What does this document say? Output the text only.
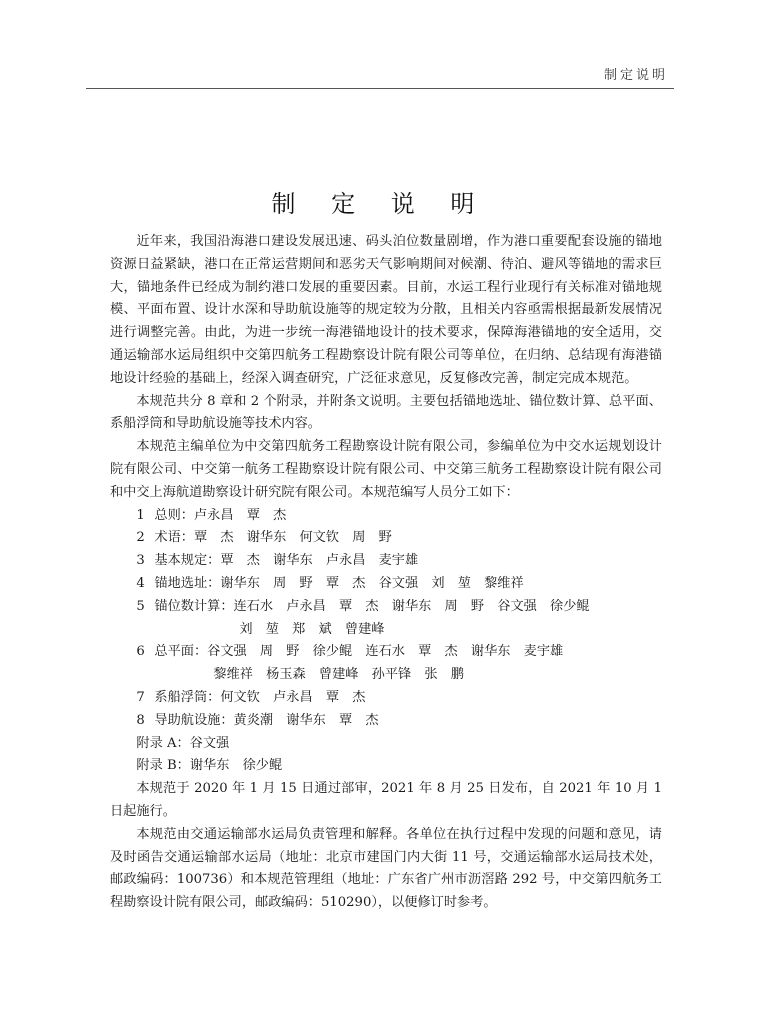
制定说明
制 定 说 明

近年来，我国沿海港口建设发展迅速、码头泊位数量剧增，作为港口重要配套设施的锚地资源日益紧缺，港口在正常运营期间和恶劣天气影响期间对候潮、待泊、避风等锚地的需求巨大，锚地条件已经成为制约港口发展的重要因素。目前，水运工程行业现行有关标准对锚地规模、平面布置、设计水深和导助航设施等的规定较为分散，且相关内容亟需根据最新发展情况进行调整完善。由此，为进一步统一海港锚地设计的技术要求，保障海港锚地的安全适用，交通运输部水运局组织中交第四航务工程勘察设计院有限公司等单位，在归纳、总结现有海港锚地设计经验的基础上，经深入调查研究，广泛征求意见，反复修改完善，制定完成本规范。

本规范共分 8 章和 2 个附录，并附条文说明。主要包括锚地选址、锚位数计算、总平面、系船浮筒和导助航设施等技术内容。

本规范主编单位为中交第四航务工程勘察设计院有限公司，参编单位为中交水运规划设计院有限公司、中交第一航务工程勘察设计院有限公司、中交第三航务工程勘察设计院有限公司和中交上海航道勘察设计研究院有限公司。本规范编写人员分工如下：

1 总则：卢永昌　覃　杰
2 术语：覃　杰　谢华东　何文钦　周　野
3 基本规定：覃　杰　谢华东　卢永昌　麦宇雄
4 锚地选址：谢华东　周　野　覃　杰　谷文强　刘　堃　黎维祥
5 锚位数计算：连石水　卢永昌　覃　杰　谢华东　周　野　谷文强　徐少鲲
刘　堃　郑　斌　曾建峰
6 总平面：谷文强　周　野　徐少鲲　连石水　覃　杰　谢华东　麦宇雄
黎维祥　杨玉森　曾建峰　孙平锋　张　鹏
7 系船浮筒：何文钦　卢永昌　覃　杰
8 导助航设施：黄炎潮　谢华东　覃　杰
附录 A：谷文强
附录 B：谢华东　徐少鲲

本规范于 2020 年 1 月 15 日通过部审，2021 年 8 月 25 日发布，自 2021 年 10 月 1 日起施行。

本规范由交通运输部水运局负责管理和解释。各单位在执行过程中发现的问题和意见，请及时函告交通运输部水运局（地址：北京市建国门内大街 11 号，交通运输部水运局技术处，邮政编码：100736）和本规范管理组（地址：广东省广州市沥滘路 292 号，中交第四航务工程勘察设计院有限公司，邮政编码：510290），以便修订时参考。
